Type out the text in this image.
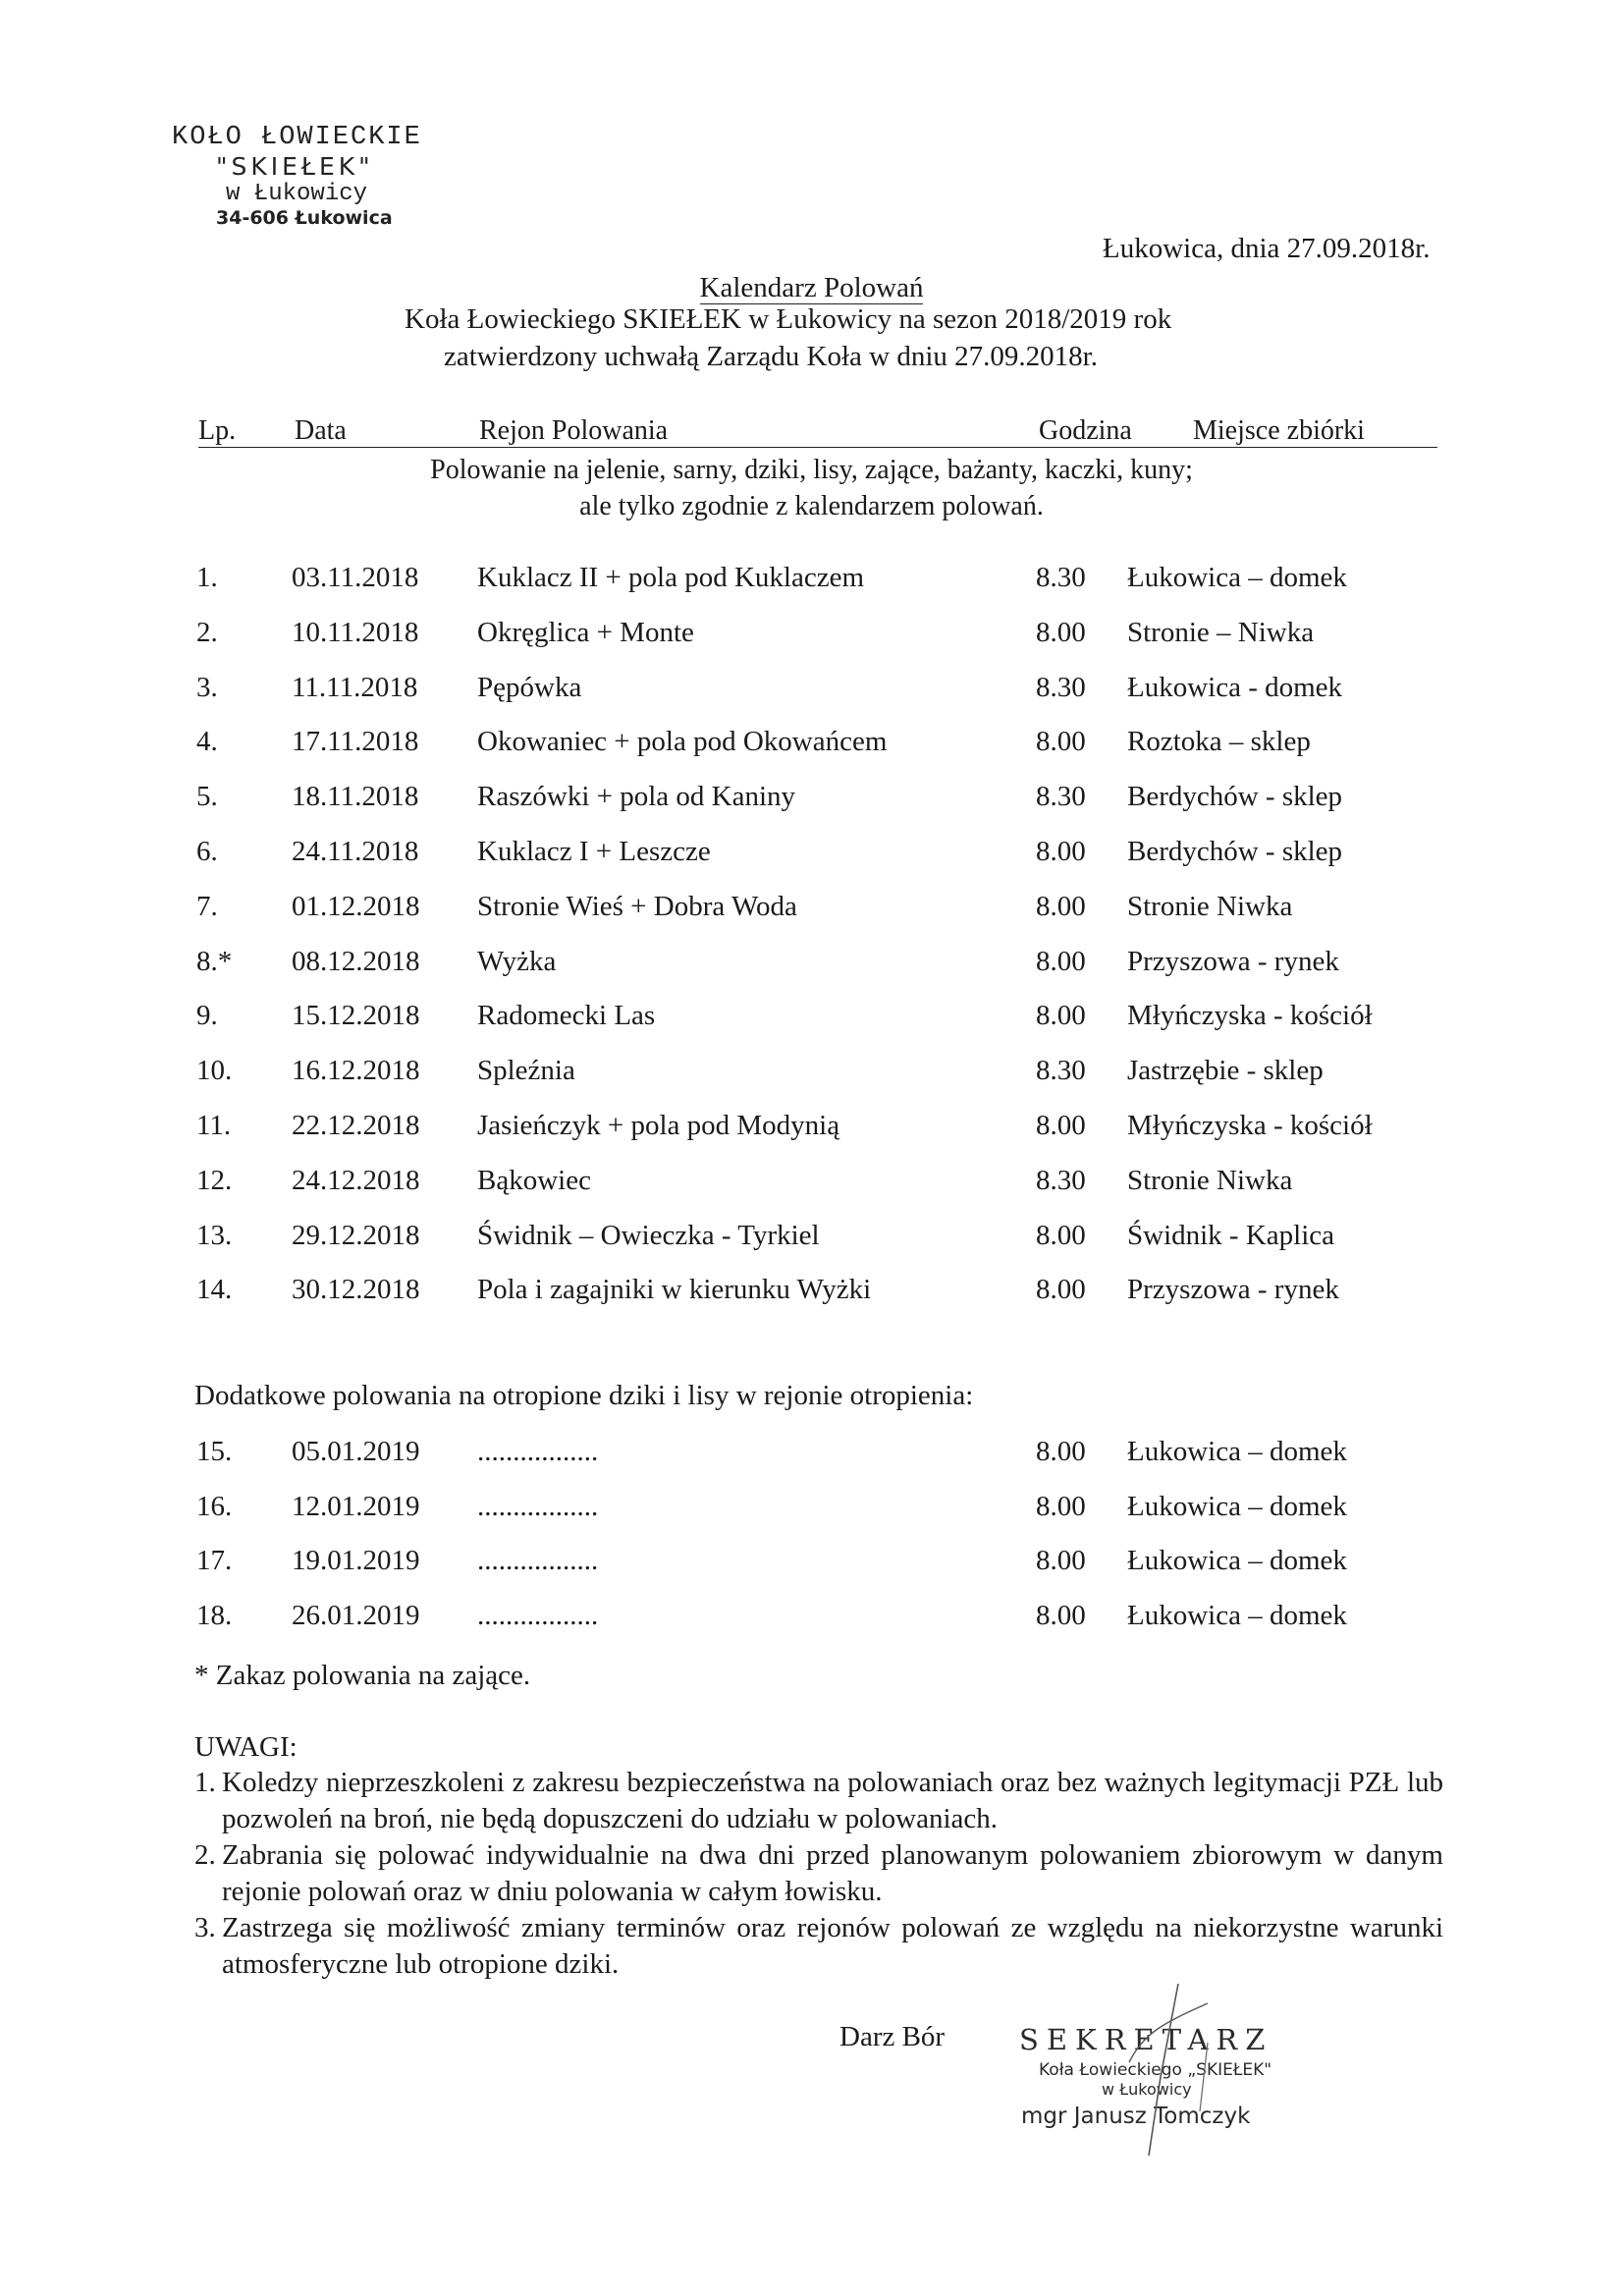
KOŁO ŁOWIECKIE
"SKIEŁEK"
w Łukowicy
34-606 Łukowica
Łukowica, dnia 27.09.2018r.
Kalendarz Polowań
Koła Łowieckiego SKIEŁEK w Łukowicy na sezon 2018/2019 rok
zatwierdzony uchwałą Zarządu Koła w dniu 27.09.2018r.
Lp. Data	Rejon Polowania	Godzina Miejsce zbiórki
Polowanie na jelenie, sarny, dziki, lisy, zające, bażanty, kaczki, kuny;
ale tylko zgodnie z kalendarzem polowań.
1.	03.11.2018 Kuklacz II + pola pod Kuklaczem	8.30 Łukowica – domek
2.	10.11.2018 Okręglica + Monte	8.00 Stronie – Niwka
3.	11.11.2018 Pępówka	8.30 Łukowica - domek
4.	17.11.2018 Okowaniec + pola pod Okowańcem	8.00 Roztoka – sklep
5.	18.11.2018 Raszówki + pola od Kaniny	8.30 Berdychów - sklep
6.	24.11.2018 Kuklacz I + Leszcze	8.00 Berdychów - sklep
7.	01.12.2018 Stronie Wieś + Dobra Woda	8.00 Stronie Niwka
8.* 08.12.2018 Wyżka	8.00 Przyszowa - rynek
9.	15.12.2018 Radomecki Las	8.00 Młyńczyska - kościół
10. 16.12.2018 Spleźnia	8.30 Jastrzębie - sklep
11. 22.12.2018 Jasieńczyk + pola pod Modynią	8.00 Młyńczyska - kościół
12. 24.12.2018 Bąkowiec	8.30 Stronie Niwka
13. 29.12.2018 Świdnik – Owieczka - Tyrkiel	8.00 Świdnik - Kaplica
14. 30.12.2018 Pola i zagajniki w kierunku Wyżki	8.00 Przyszowa - rynek
Dodatkowe polowania na otropione dziki i lisy w rejonie otropienia:
15. 05.01.2019 .................	8.00 Łukowica – domek
16. 12.01.2019 .................	8.00 Łukowica – domek
17. 19.01.2019 .................	8.00 Łukowica – domek
18. 26.01.2019 .................	8.00 Łukowica – domek
* Zakaz polowania na zające.
UWAGI:
1. Koledzy nieprzeszkoleni z zakresu bezpieczeństwa na polowaniach oraz bez ważnych legitymacji PZŁ lub pozwoleń na broń, nie będą dopuszczeni do udziału w polowaniach.
2. Zabrania się polować indywidualnie na dwa dni przed planowanym polowaniem zbiorowym w danym rejonie polowań oraz w dniu polowania w całym łowisku.
3. Zastrzega się możliwość zmiany terminów oraz rejonów polowań ze względu na niekorzystne warunki atmosferyczne lub otropione dziki.
Darz Bór	SEKRETARZ
Koła Łowieckiego „SKIEŁEK"
w Łukowicy
mgr Janusz Tomczyk
